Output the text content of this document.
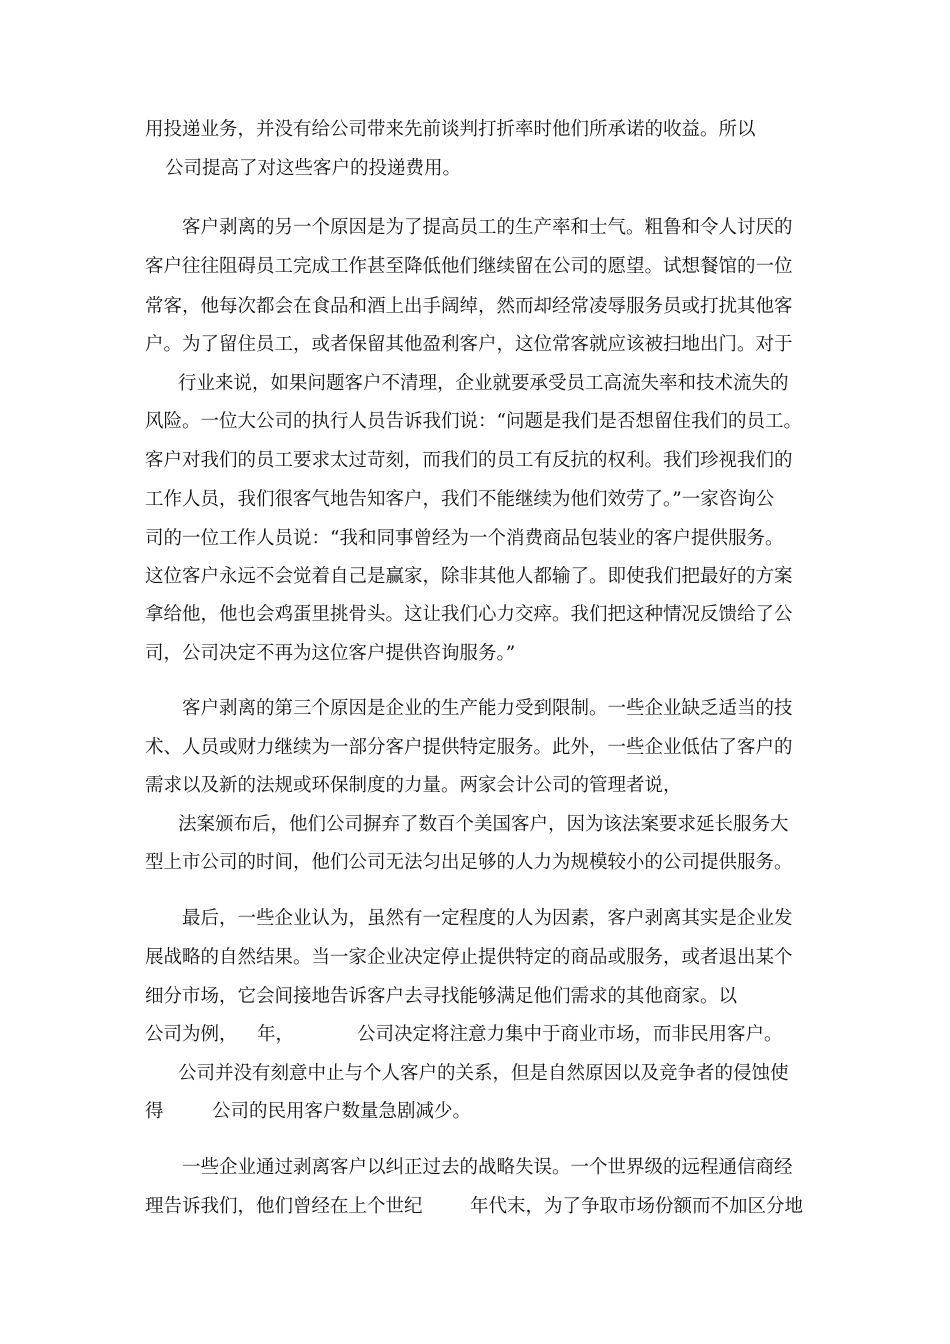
用投递业务，并没有给公司带来先前谈判打折率时他们所承诺的收益。所以
公司提高了对这些客户的投递费用。
客户剥离的另一个原因是为了提高员工的生产率和士气。粗鲁和令人讨厌的
客户往往阻碍员工完成工作甚至降低他们继续留在公司的愿望。试想餐馆的一位
常客，他每次都会在食品和酒上出手阔绰，然而却经常凌辱服务员或打扰其他客
户。为了留住员工，或者保留其他盈利客户，这位常客就应该被扫地出门。对于
行业来说，如果问题客户不清理，企业就要承受员工高流失率和技术流失的
风险。一位大公司的执行人员告诉我们说：“问题是我们是否想留住我们的员工。
客户对我们的员工要求太过苛刻，而我们的员工有反抗的权利。我们珍视我们的
工作人员，我们很客气地告知客户，我们不能继续为他们效劳了。”一家咨询公
司的一位工作人员说：“我和同事曾经为一个消费商品包装业的客户提供服务。
这位客户永远不会觉着自己是赢家，除非其他人都输了。即使我们把最好的方案
拿给他，他也会鸡蛋里挑骨头。这让我们心力交瘁。我们把这种情况反馈给了公
司，公司决定不再为这位客户提供咨询服务。”
客户剥离的第三个原因是企业的生产能力受到限制。一些企业缺乏适当的技
术、人员或财力继续为一部分客户提供特定服务。此外，一些企业低估了客户的
需求以及新的法规或环保制度的力量。两家会计公司的管理者说，
法案颁布后，他们公司摒弃了数百个美国客户，因为该法案要求延长服务大
型上市公司的时间，他们公司无法匀出足够的人力为规模较小的公司提供服务。
最后，一些企业认为，虽然有一定程度的人为因素，客户剥离其实是企业发
展战略的自然结果。当一家企业决定停止提供特定的商品或服务，或者退出某个
细分市场，它会间接地告诉客户去寻找能够满足他们需求的其他商家。以
公司为例， 年，	公司决定将注意力集中于商业市场，而非民用客户。
公司并没有刻意中止与个人客户的关系，但是自然原因以及竞争者的侵蚀使
得	公司的民用客户数量急剧减少。
一些企业通过剥离客户以纠正过去的战略失误。一个世界级的远程通信商经
理告诉我们，他们曾经在上个世纪	年代末，为了争取市场份额而不加区分地
